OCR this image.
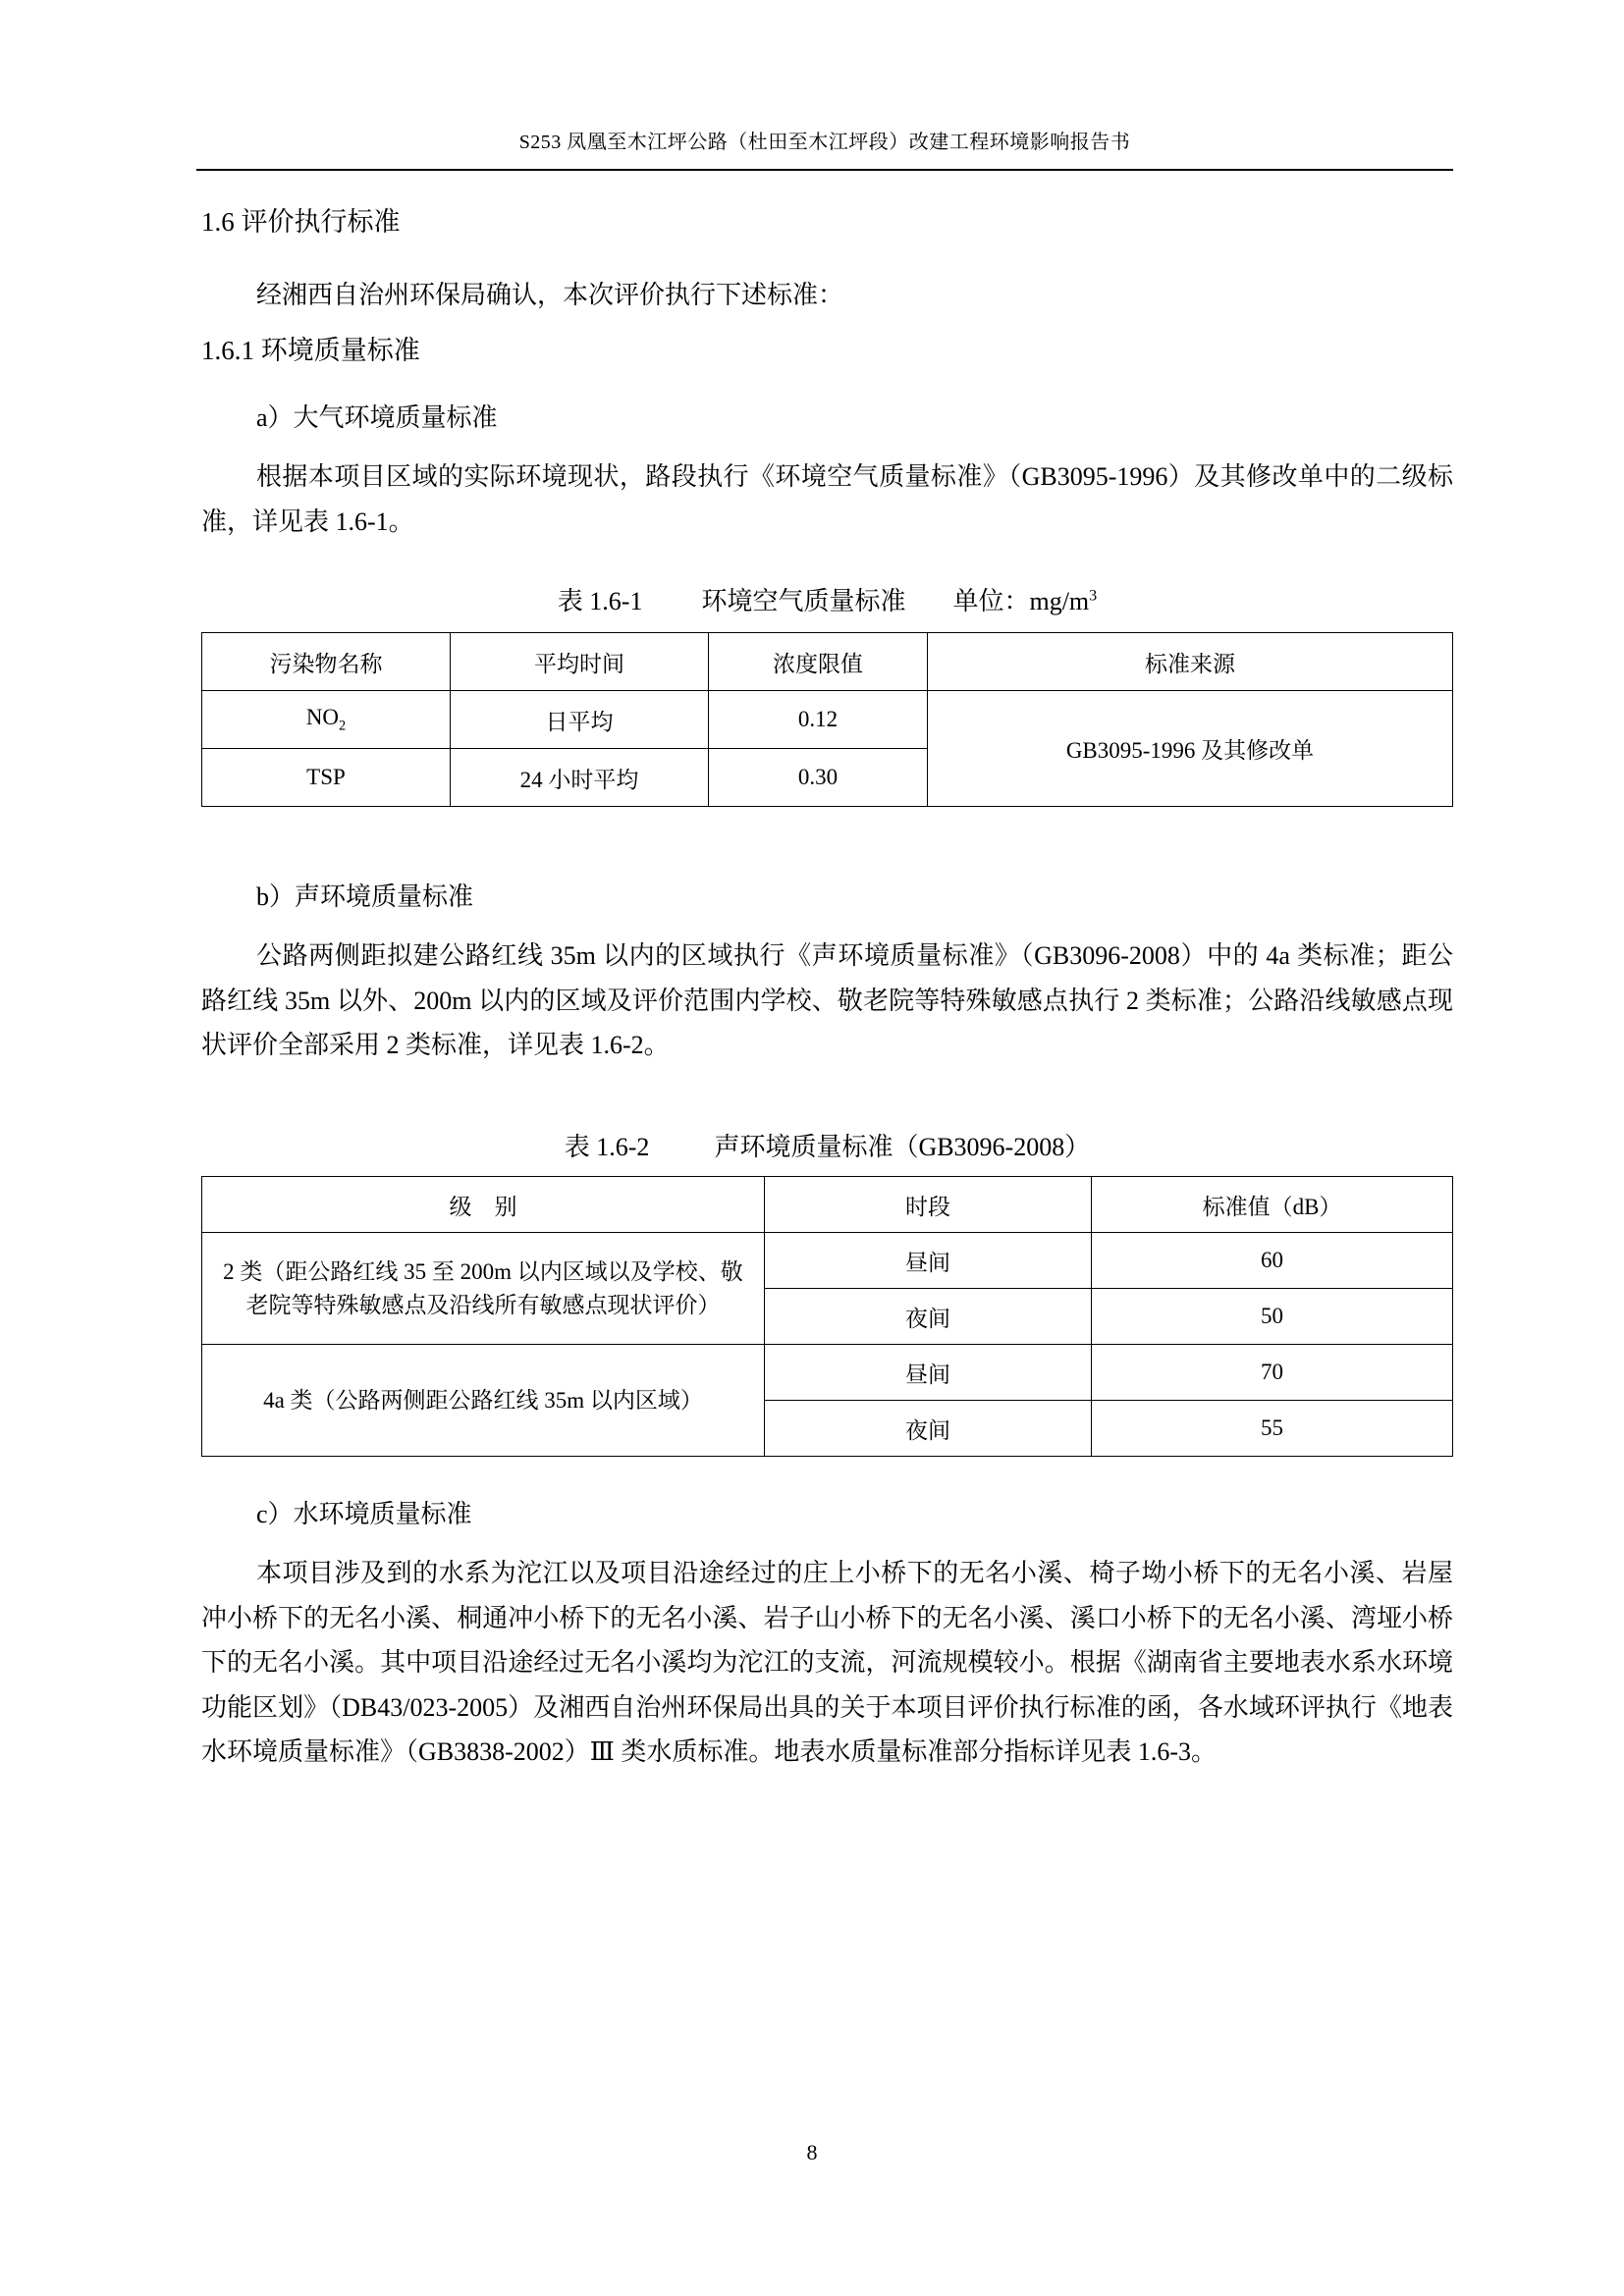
S253 凤凰至木江坪公路（杜田至木江坪段）改建工程环境影响报告书
1.6 评价执行标准
经湘西自治州环保局确认，本次评价执行下述标准：
1.6.1 环境质量标准
a）大气环境质量标准
根据本项目区域的实际环境现状，路段执行《环境空气质量标准》（GB3095-1996）及其修改单中的二级标准，详见表 1.6-1。
表 1.6-1 环境空气质量标准 单位：$mg/m^3$
污染物名称	平均时间	浓度限值	标准来源
$NO_2$	日平均	0.12	GB3095-1996 及其修改单
TSP	24 小时平均	0.30	
b）声环境质量标准
公路两侧距拟建公路红线 35m 以内的区域执行《声环境质量标准》（GB3096-2008）中的 4a 类标准；距公路红线 35m 以外、200m 以内的区域及评价范围内学校、敬老院等特殊敏感点执行 2 类标准；公路沿线敏感点现状评价全部采用 2 类标准，详见表 1.6-2。
表 1.6-2	声环境质量标准（GB3096-2008）
级　别	时段	标准值（dB）
2 类（距公路红线 35 至 200m 以内区域以及学校、敬老院等特殊敏感点及沿线所有敏感点现状评价）	昼间	60
	夜间	50
4a 类（公路两侧距公路红线 35m 以内区域）	昼间	70
	夜间	55
c）水环境质量标准
本项目涉及到的水系为沱江以及项目沿途经过的庄上小桥下的无名小溪、椅子坳小桥下的无名小溪、岩屋冲小桥下的无名小溪、桐通冲小桥下的无名小溪、岩子山小桥下的无名小溪、溪口小桥下的无名小溪、湾垭小桥下的无名小溪。其中项目沿途经过无名小溪均为沱江的支流，河流规模较小。根据《湖南省主要地表水系水环境功能区划》（DB43/023-2005）及湘西自治州环保局出具的关于本项目评价执行标准的函，各水域环评执行《地表水环境质量标准》（GB3838-2002）Ⅲ 类水质标准。地表水质量标准部分指标详见表 1.6-3。
8
